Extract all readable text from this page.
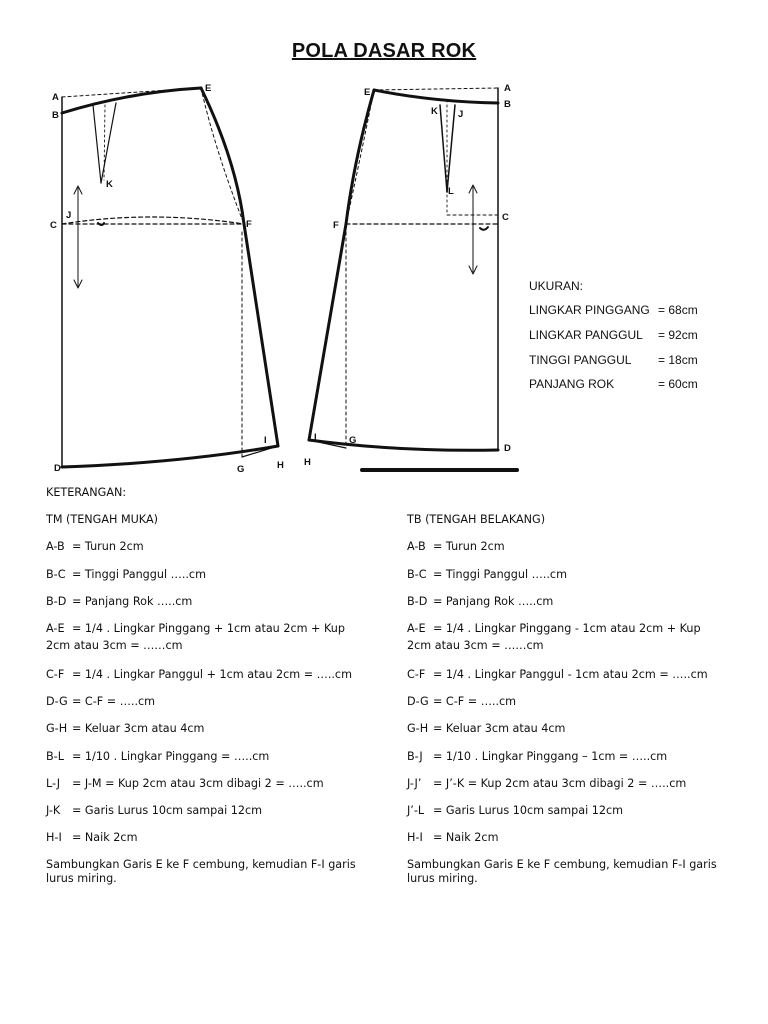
POLA DASAR ROK
A
B
C
D
E
F
G	H
I
J
K
A
B
C
D
E
F
G
H
I
J
K
L
UKURAN:
LINGKAR PINGGANG = 68cm
LINGKAR PANGGUL = 92cm
TINGGI PANGGUL = 18cm
PANJANG ROK	= 60cm
KETERANGAN:
TM (TENGAH MUKA)
A-B = Turun 2cm
B-C = Tinggi Panggul …..cm
B-D = Panjang Rok …..cm
A-E = 1/4 . Lingkar Pinggang + 1cm atau 2cm + Kup
2cm atau 3cm = ……cm
C-F = 1/4 . Lingkar Panggul + 1cm atau 2cm = …..cm
D-G = C-F = …..cm
G-H = Keluar 3cm atau 4cm
B-L = 1/10 . Lingkar Pinggang = …..cm
L-J = J-M = Kup 2cm atau 3cm dibagi 2 = …..cm
J-K = Garis Lurus 10cm sampai 12cm
H-I = Naik 2cm
Sambungkan Garis E ke F cembung, kemudian F-I garis lurus miring.
TB (TENGAH BELAKANG)
A-B = Turun 2cm
B-C = Tinggi Panggul …..cm
B-D = Panjang Rok …..cm
A-E = 1/4 . Lingkar Pinggang - 1cm atau 2cm + Kup
2cm atau 3cm = ……cm
C-F = 1/4 . Lingkar Panggul - 1cm atau 2cm = …..cm
D-G = C-F = …..cm
G-H = Keluar 3cm atau 4cm
B-J = 1/10 . Lingkar Pinggang – 1cm = …..cm
J-J’ = J’-K = Kup 2cm atau 3cm dibagi 2 = …..cm
J’-L = Garis Lurus 10cm sampai 12cm
H-I = Naik 2cm
Sambungkan Garis E ke F cembung, kemudian F-I garis lurus miring.
